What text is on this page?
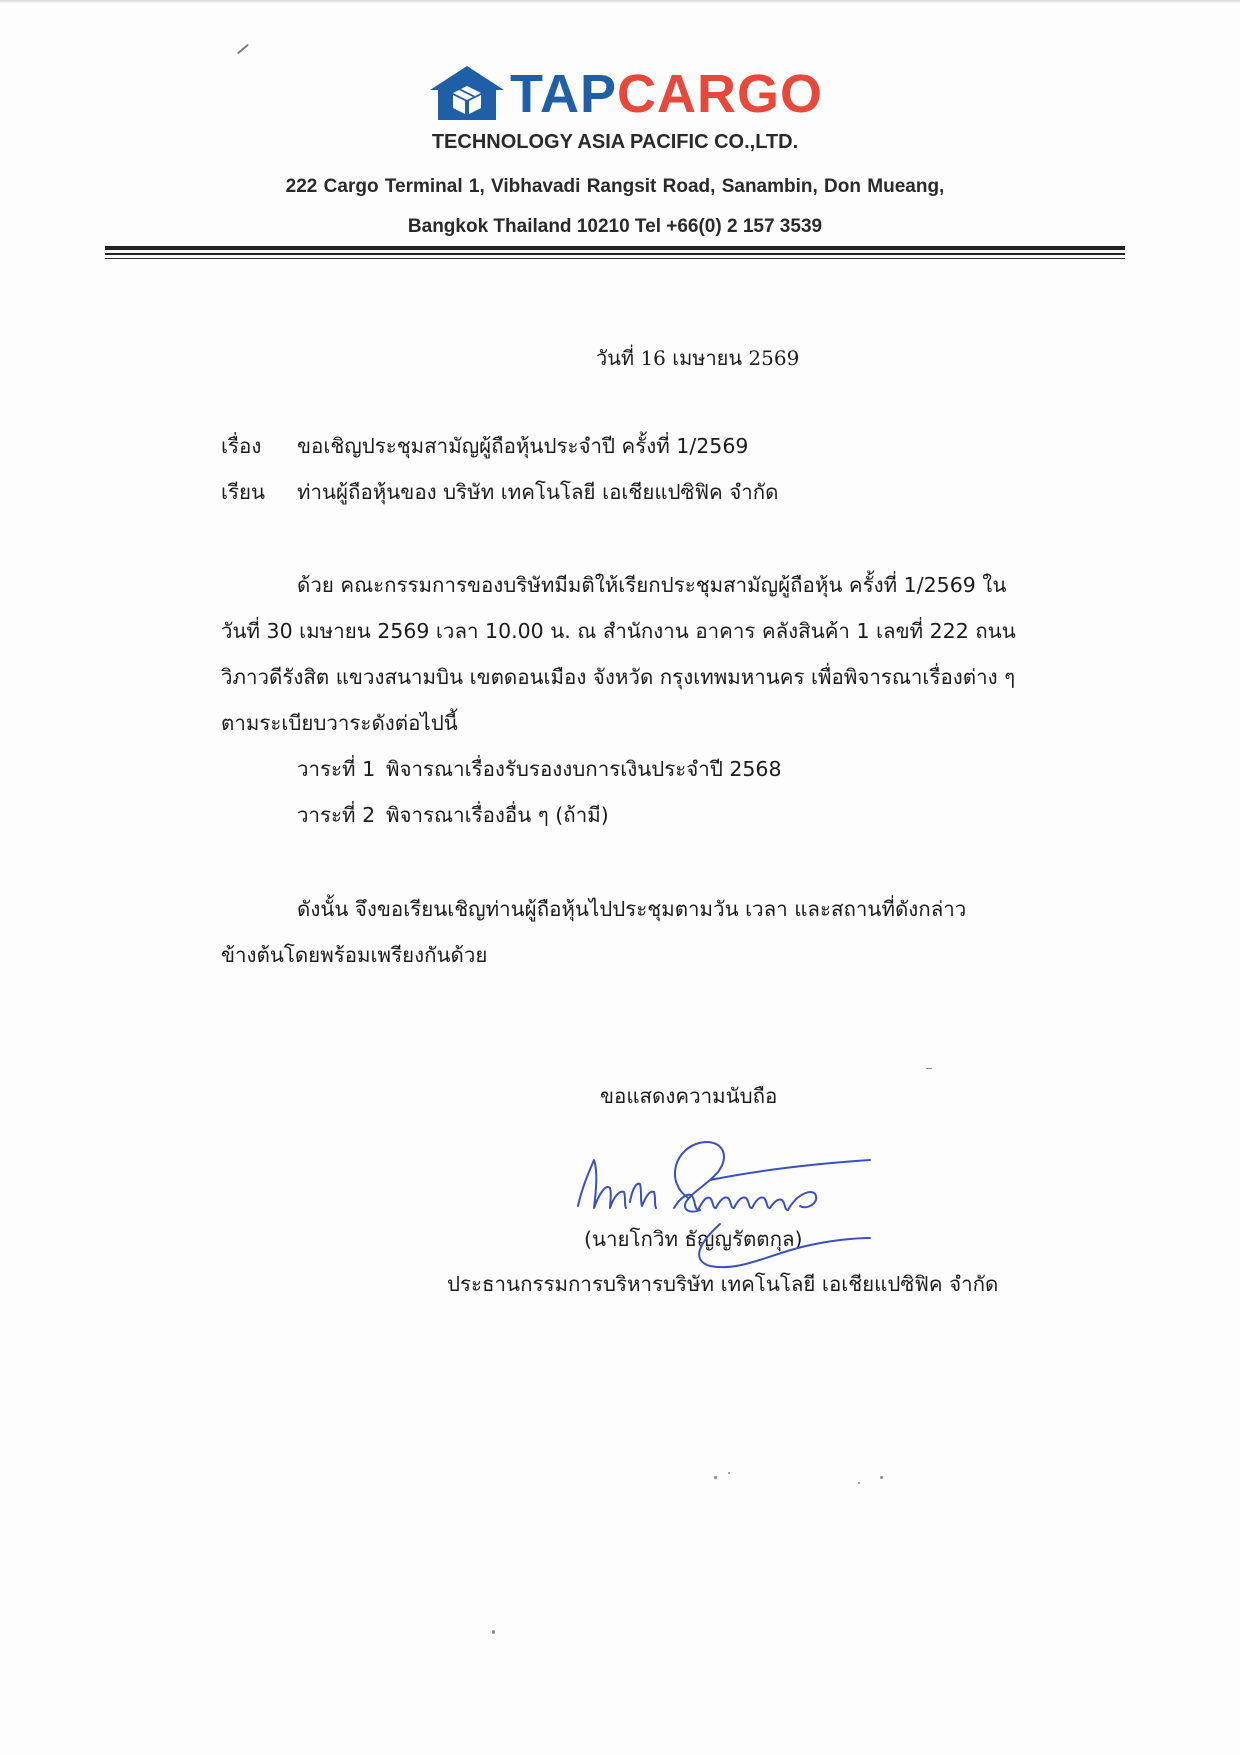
TAPCARGO
TECHNOLOGY ASIA PACIFIC CO.,LTD.
222 Cargo Terminal 1, Vibhavadi Rangsit Road, Sanambin, Don Mueang,
Bangkok Thailand 10210 Tel +66(0) 2 157 3539
วันที่ 16 เมษายน 2569
เรื่อง ขอเชิญประชุมสามัญผู้ถือหุ้นประจำปี ครั้งที่ 1/2569
เรียน ท่านผู้ถือหุ้นของ บริษัท เทคโนโลยี เอเชียแปซิฟิค จำกัด
ด้วย คณะกรรมการของบริษัทมีมติให้เรียกประชุมสามัญผู้ถือหุ้น ครั้งที่ 1/2569 ใน
วันที่ 30 เมษายน 2569 เวลา 10.00 น. ณ สำนักงาน อาคาร คลังสินค้า 1 เลขที่ 222 ถนน
วิภาวดีรังสิต แขวงสนามบิน เขตดอนเมือง จังหวัด กรุงเทพมหานคร เพื่อพิจารณาเรื่องต่าง ๆ
ตามระเบียบวาระดังต่อไปนี้
วาระที่ 1 พิจารณาเรื่องรับรองงบการเงินประจำปี 2568
วาระที่ 2 พิจารณาเรื่องอื่น ๆ (ถ้ามี)
ดังนั้น จึงขอเรียนเชิญท่านผู้ถือหุ้นไปประชุมตามวัน เวลา และสถานที่ดังกล่าว
ข้างต้นโดยพร้อมเพรียงกันด้วย
ขอแสดงความนับถือ
(นายโกวิท ธัญญรัตตกุล)
ประธานกรรมการบริหารบริษัท เทคโนโลยี เอเชียแปซิฟิค จำกัด
